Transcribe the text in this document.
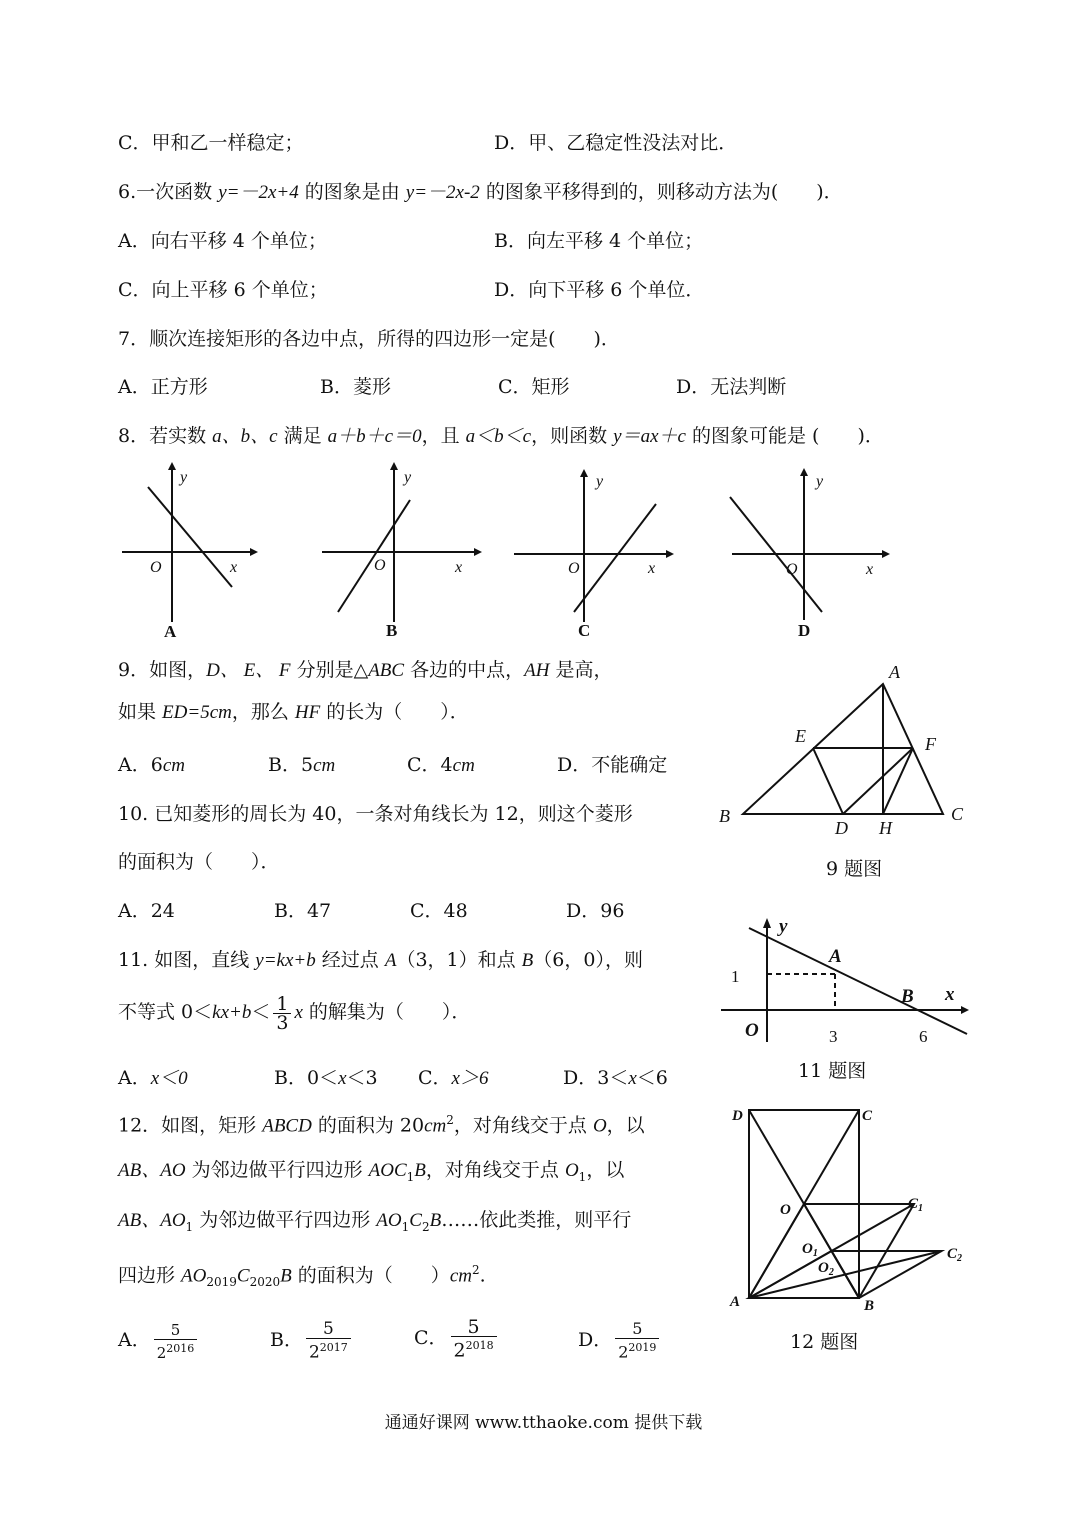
C．甲和乙一样稳定；	D．甲、乙稳定性没法对比．
6.一次函数 y=－2x+4 的图象是由 y=－2x-2 的图象平移得到的，则移动方法为(　　)．
A．向右平移 4 个单位；	B．向左平移 4 个单位；
C．向上平移 6 个单位；	D．向下平移 6 个单位．
7．顺次连接矩形的各边中点，所得的四边形一定是(　　)．
A．正方形	B．菱形	C．矩形	D．无法判断
8．若实数 a、b、c 满足 a＋b＋c＝0，且 a＜b＜c，则函数 y＝ax＋c 的图象可能是 (　　)．
y
O	x
y
O	x
y
O	x
y
O	x
A	B	C	D
9．如图，D、 E、 F 分别是△ABC 各边的中点，AH 是高，
如果 ED=5cm，那么 HF 的长为（　　）．
A．6cm	B．5cm	C．4cm	D．不能确定
A
B	C
D
E	F
H
9 题图
10. 已知菱形的周长为 40，一条对角线长为 12，则这个菱形
的面积为（　　）．
A．24	B．47	C．48	D．96
11. 如图，直线 y=kx+b 经过点 A（3，1）和点 B（6，0），则
不等式 $0<kx+b< \frac{1}{3}$ x 的解集为（　　）．
A．x＜0	B．0＜x＜3 C．x＞6	D．3＜x＜6
y
x
A
B
O
1
3	6
11 题图
12．如图，矩形 ABCD 的面积为 $20cm^2$，对角线交于点 O，以
AB、AO 为邻边做平行四边形 $AOC_1B$，对角线交于点 $O_1$，以
AB、$AO_1$ 为邻边做平行四边形 $AO_1C_2B\dots\dots$依此类推，则平行
四边形 $AO_{2019}C_{2020}B$ 的面积为（　　）$cm^2$.
A． $\frac{5}{2^{2016}}$	B． $\frac{5}{2^{2017}}$	C． $\frac{5}{2^{2018}}$	D． $\frac{5}{2^{2019}}$
A	B
C
D
O
$O_1$
$O_2$
$C_1$
$C_2$
12 题图
通通好课网 www.tthaoke.com 提供下载
